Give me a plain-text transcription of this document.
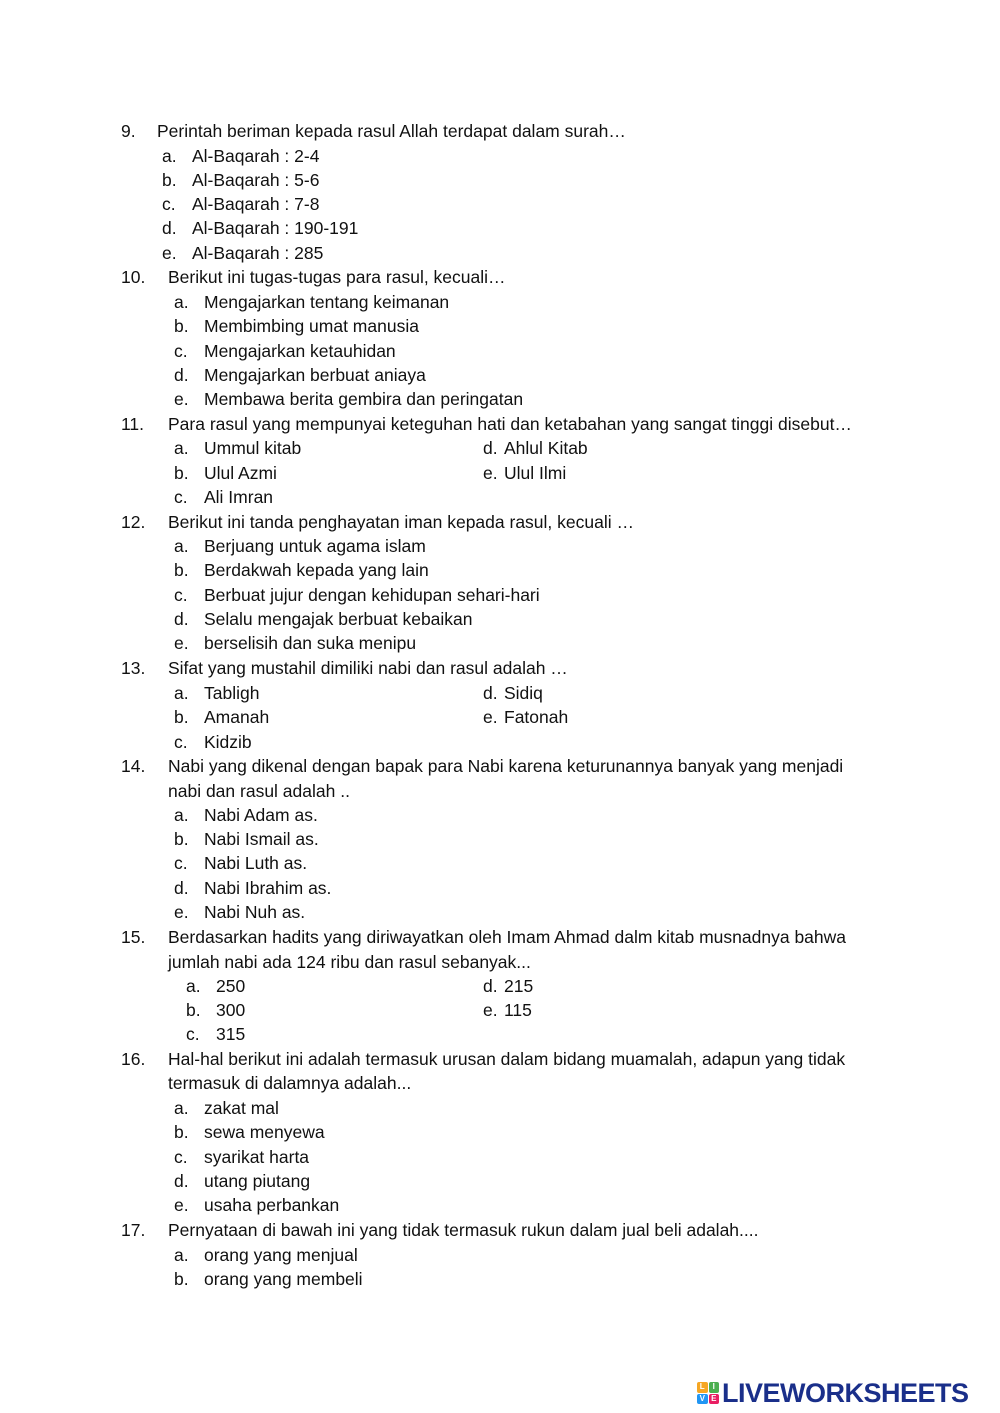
9. Perintah beriman kepada rasul Allah terdapat dalam surah…
a. Al-Baqarah : 2-4
b. Al-Baqarah : 5-6
c. Al-Baqarah : 7-8
d. Al-Baqarah : 190-191
e. Al-Baqarah : 285
10. Berikut ini tugas-tugas para rasul, kecuali…
a. Mengajarkan tentang keimanan
b. Membimbing umat manusia
c. Mengajarkan ketauhidan
d. Mengajarkan berbuat aniaya
e. Membawa berita gembira dan peringatan
11. Para rasul yang mempunyai keteguhan hati dan ketabahan yang sangat tinggi disebut…
a. Ummul kitab
b. Ulul Azmi
c. Ali Imran
d. Ahlul Kitab
e. Ulul Ilmi
12. Berikut ini tanda penghayatan iman kepada rasul, kecuali …
a. Berjuang untuk agama islam
b. Berdakwah kepada yang lain
c. Berbuat jujur dengan kehidupan sehari-hari
d. Selalu mengajak berbuat kebaikan
e. berselisih dan suka menipu
13. Sifat yang mustahil dimiliki nabi dan rasul adalah …
a. Tabligh
b. Amanah
c. Kidzib
d. Sidiq
e. Fatonah
14. Nabi yang dikenal dengan bapak para Nabi karena keturunannya banyak yang menjadi
nabi dan rasul adalah ..
a. Nabi Adam as.
b. Nabi Ismail as.
c. Nabi Luth as.
d. Nabi Ibrahim as.
e. Nabi Nuh as.
15. Berdasarkan hadits yang diriwayatkan oleh Imam Ahmad dalm kitab musnadnya bahwa
jumlah nabi ada 124 ribu dan rasul sebanyak...
a. 250
b. 300
c. 315
d. 215
e. 115
16. Hal-hal berikut ini adalah termasuk urusan dalam bidang muamalah, adapun yang tidak
termasuk di dalamnya adalah...
a. zakat mal
b. sewa menyewa
c. syarikat harta
d. utang piutang
e. usaha perbankan
17. Pernyataan di bawah ini yang tidak termasuk rukun dalam jual beli adalah....
a. orang yang menjual
b. orang yang membeli
L I
V E LIVEWORKSHEETS
